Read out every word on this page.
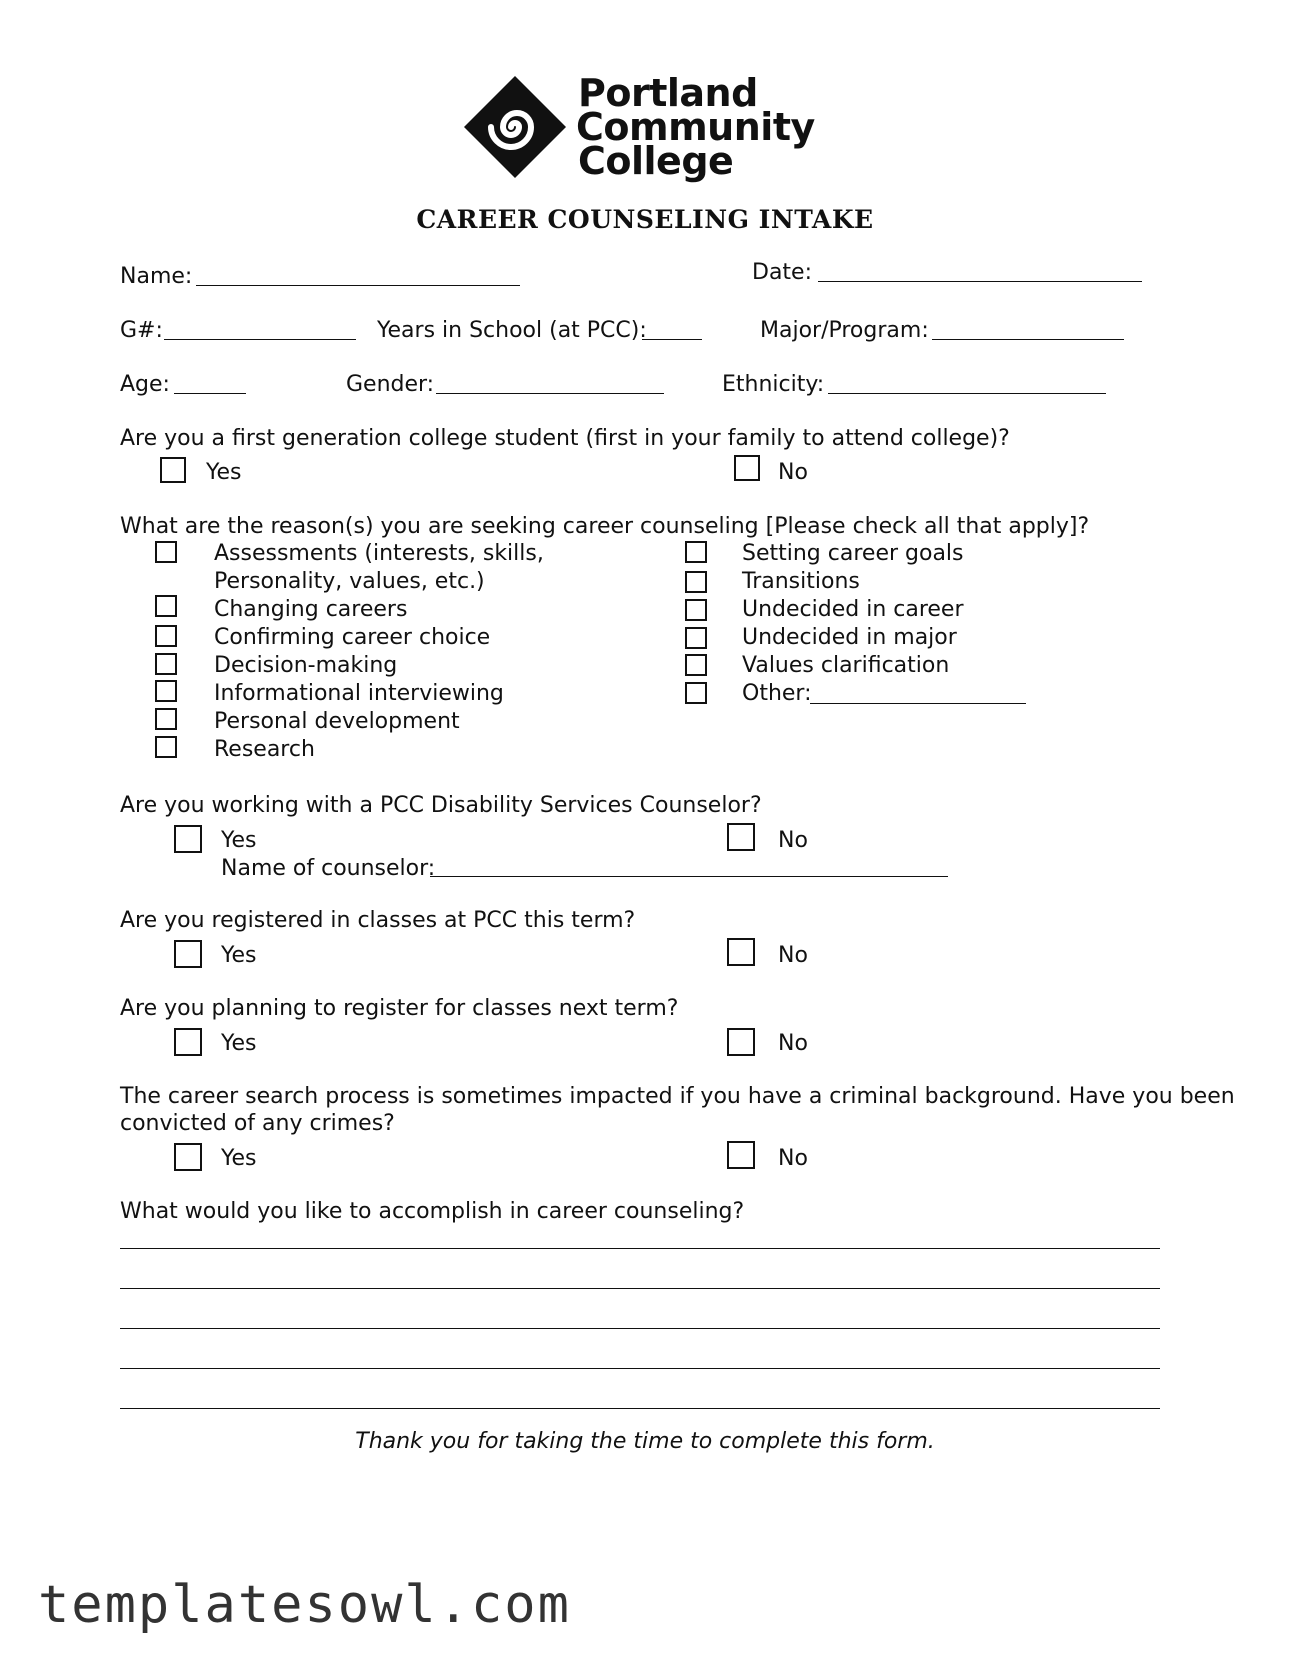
Portland
Community
College
CAREER COUNSELING INTAKE
Name:	Date:
G#:	Years in School (at PCC):	Major/Program:
Age:	Gender:	Ethnicity:
Are you a first generation college student (first in your family to attend college)?
Yes	No
What are the reason(s) you are seeking career counseling [Please check all that apply]?
Assessments (interests, skills,
Personality, values, etc.)
Changing careers
Confirming career choice
Decision-making
Informational interviewing
Personal development
Research
Setting career goals
Transitions
Undecided in career
Undecided in major
Values clarification
Other:
Are you working with a PCC Disability Services Counselor?
Yes	No
Name of counselor:
Are you registered in classes at PCC this term?
Yes	No
Are you planning to register for classes next term?
Yes	No
The career search process is sometimes impacted if you have a criminal background. Have you been
convicted of any crimes?
Yes	No
What would you like to accomplish in career counseling?
Thank you for taking the time to complete this form.
templatesowl.com
